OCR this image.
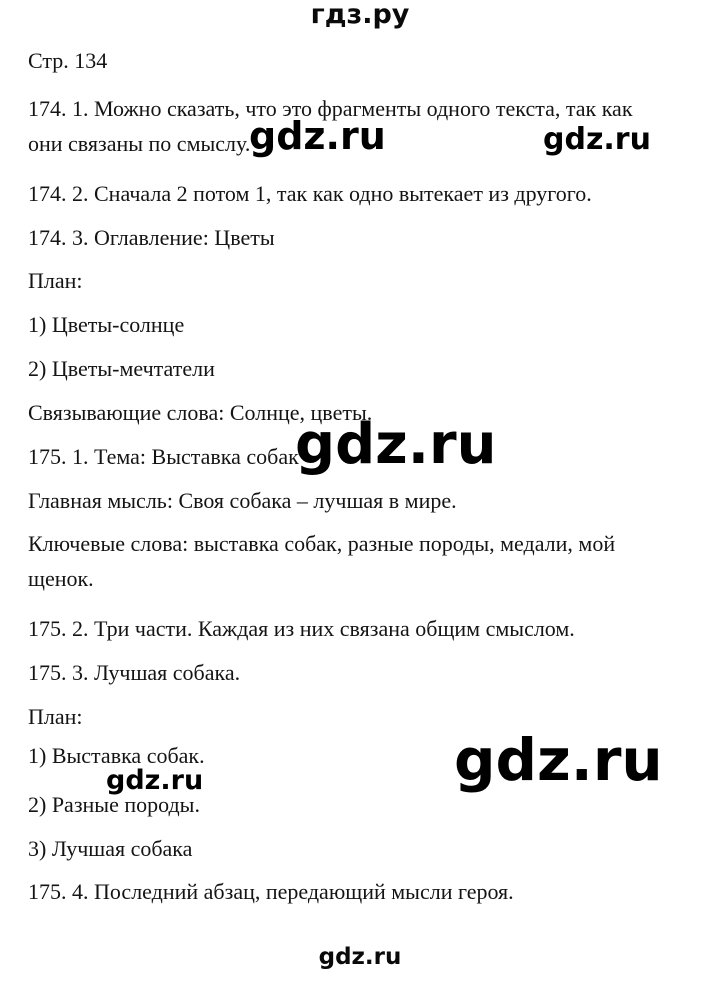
гдз.ру
Стр. 134
174. 1. Можно сказать, что это фрагменты одного текста, так как
они связаны по смыслу.
174. 2. Сначала 2 потом 1, так как одно вытекает из другого.
174. 3. Оглавление: Цветы
План:
1) Цветы-солнце
2) Цветы-мечтатели
Связывающие слова: Солнце, цветы.
175. 1. Тема: Выставка собак
Главная мысль: Своя собака – лучшая в мире.
Ключевые слова: выставка собак, разные породы, медали, мой
щенок.
175. 2. Три части. Каждая из них связана общим смыслом.
175. 3. Лучшая собака.
План:
1) Выставка собак.
2) Разные породы.
3) Лучшая собака
175. 4. Последний абзац, передающий мысли героя.
gdz.ru	gdz.ru
gdz.ru
gdz.ru
gdz.ru
gdz.ru
